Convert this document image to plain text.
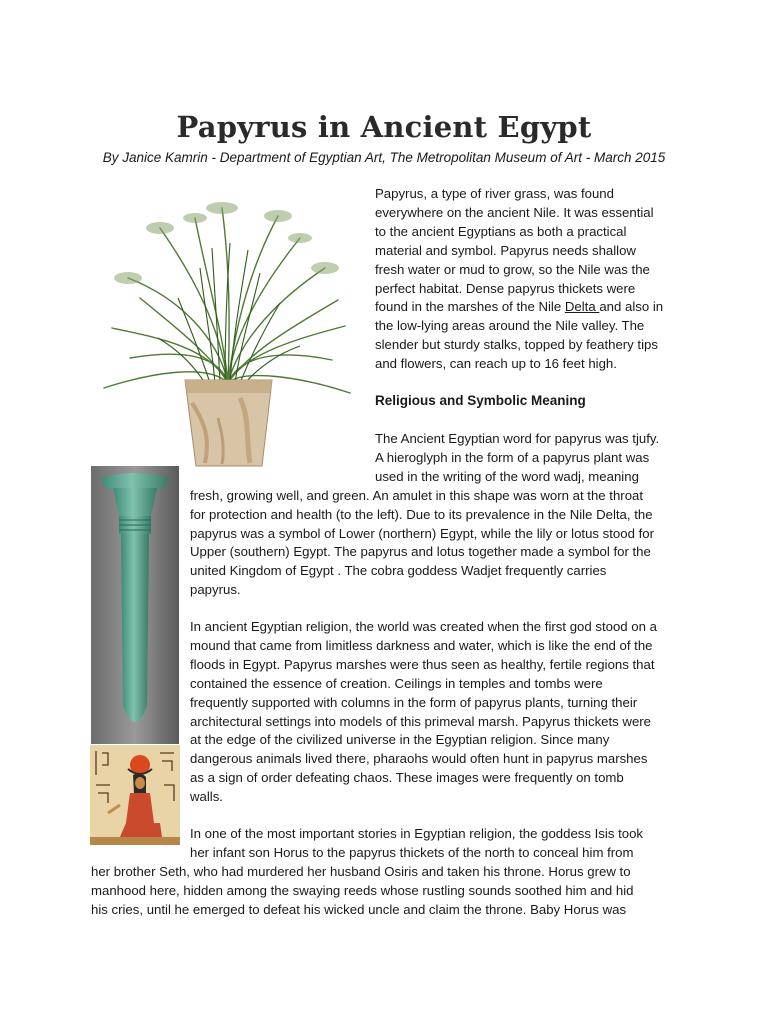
Papyrus in Ancient Egypt
By Janice Kamrin - Department of Egyptian Art, The Metropolitan Museum of Art - March 2015
Papyrus, a type of river grass, was found
everywhere on the ancient Nile. It was essential
to the ancient Egyptians as both a practical
material and symbol. Papyrus needs shallow
fresh water or mud to grow, so the Nile was the
perfect habitat. Dense papyrus thickets were
found in the marshes of the Nile Delta and also in
the low-lying areas around the Nile valley. The
slender but sturdy stalks, topped by feathery tips
and flowers, can reach up to 16 feet high.
Religious and Symbolic Meaning
The Ancient Egyptian word for papyrus was tjufy.
A hieroglyph in the form of a papyrus plant was
used in the writing of the word wadj, meaning
fresh, growing well, and green. An amulet in this shape was worn at the throat
for protection and health (to the left). Due to its prevalence in the Nile Delta, the
papyrus was a symbol of Lower (northern) Egypt, while the lily or lotus stood for
Upper (southern) Egypt. The papyrus and lotus together made a symbol for the
united Kingdom of Egypt . The cobra goddess Wadjet frequently carries
papyrus.
In ancient Egyptian religion, the world was created when the first god stood on a
mound that came from limitless darkness and water, which is like the end of the
floods in Egypt. Papyrus marshes were thus seen as healthy, fertile regions that
contained the essence of creation. Ceilings in temples and tombs were
frequently supported with columns in the form of papyrus plants, turning their
architectural settings into models of this primeval marsh. Papyrus thickets were
at the edge of the civilized universe in the Egyptian religion. Since many
dangerous animals lived there, pharaohs would often hunt in papyrus marshes
as a sign of order defeating chaos. These images were frequently on tomb
walls.
In one of the most important stories in Egyptian religion, the goddess Isis took
her infant son Horus to the papyrus thickets of the north to conceal him from
her brother Seth, who had murdered her husband Osiris and taken his throne. Horus grew to
manhood here, hidden among the swaying reeds whose rustling sounds soothed him and hid
his cries, until he emerged to defeat his wicked uncle and claim the throne. Baby Horus was
